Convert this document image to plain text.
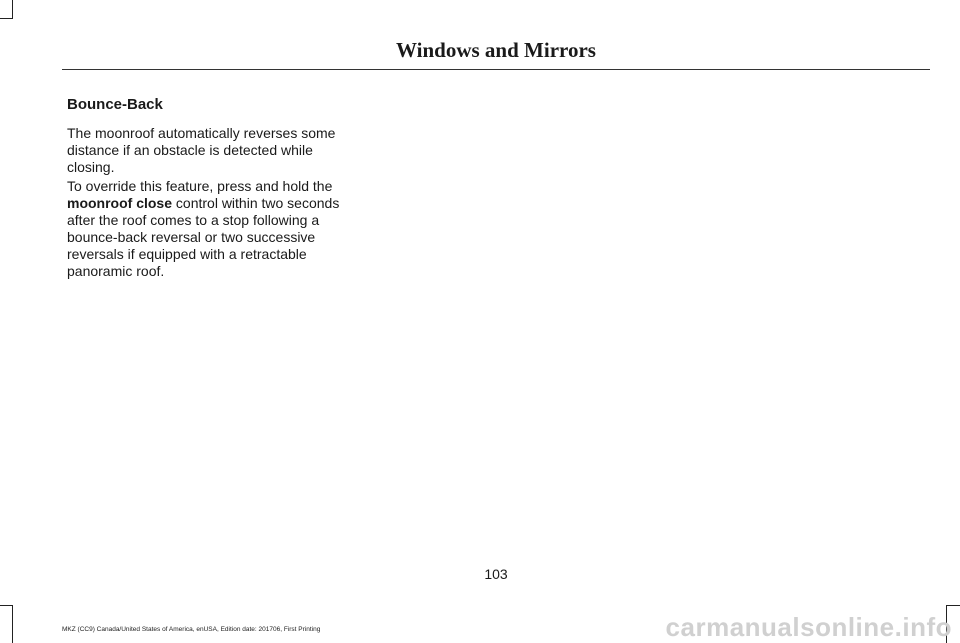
Windows and Mirrors
Bounce-Back

The moonroof automatically reverses some distance if an obstacle is detected while closing.

To override this feature, press and hold the moonroof close control within two seconds after the roof comes to a stop following a bounce-back reversal or two successive reversals if equipped with a retractable panoramic roof.

103
MKZ (CC9) Canada/United States of America, enUSA, Edition date: 201706, First Printing	carmanualsonline.info
